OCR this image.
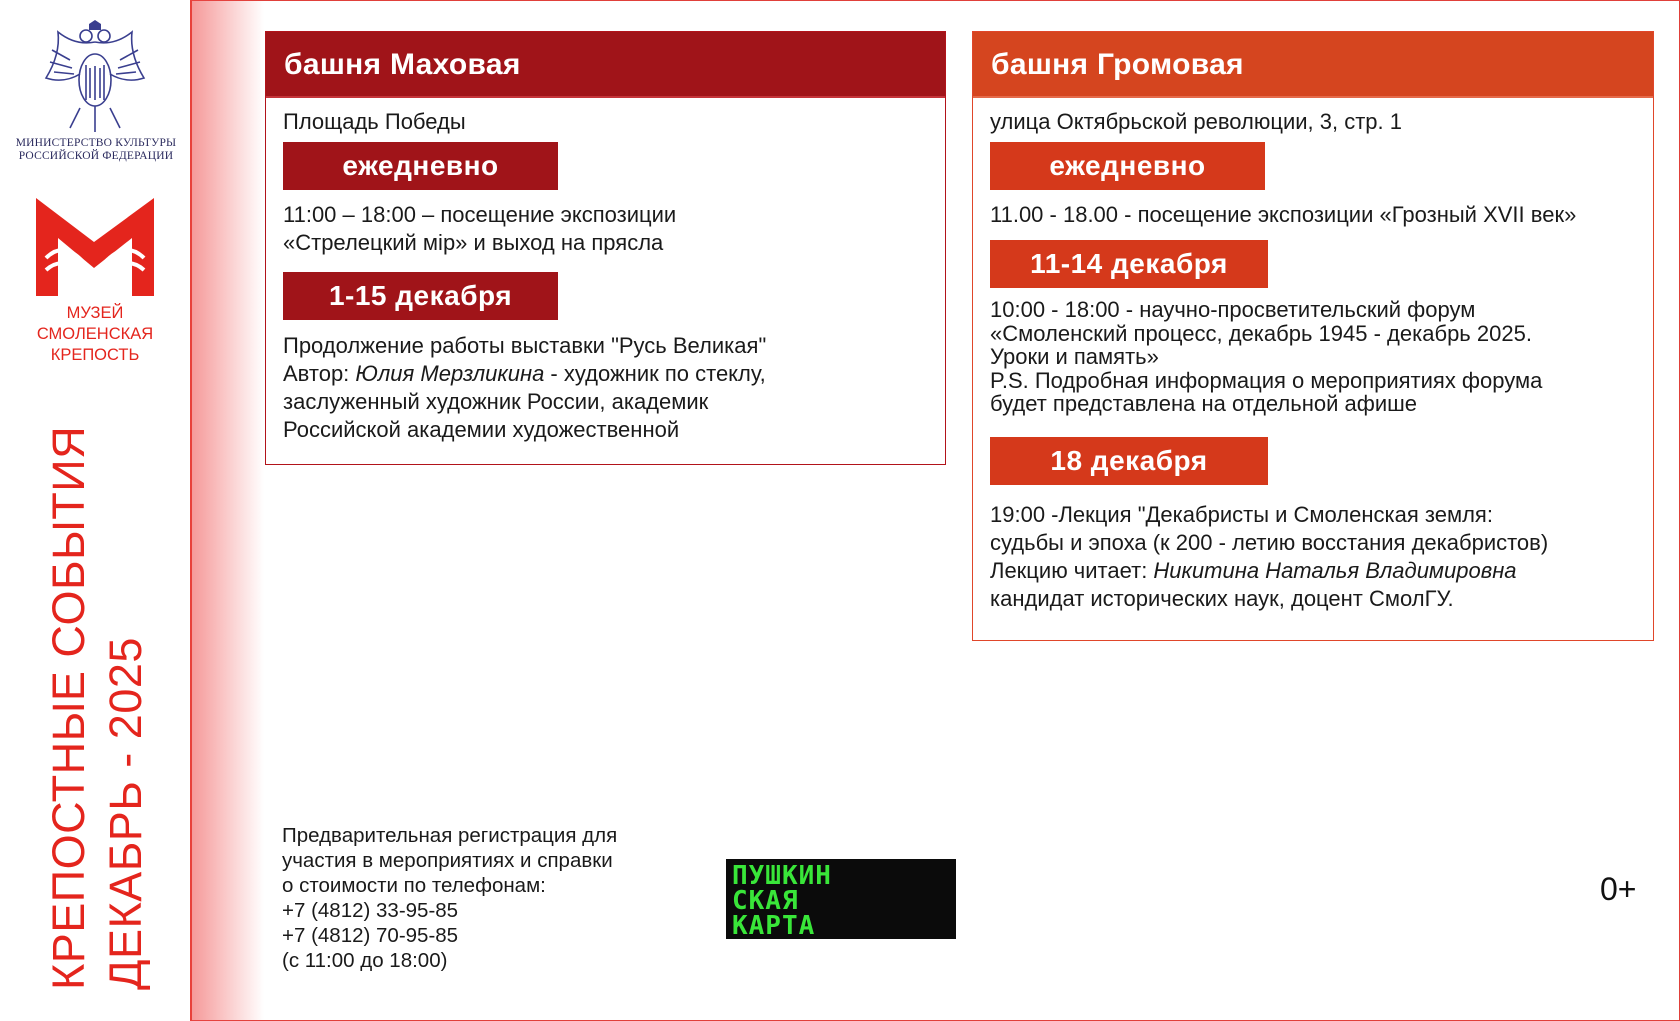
МИНИСТЕРСТВО КУЛЬТУРЫ РОССИЙСКОЙ ФЕДЕРАЦИИ
МУЗЕЙ
СМОЛЕНСКАЯ
КРЕПОСТЬ
КРЕПОСТНЫЕ СОБЫТИЯ ДЕКАБРЬ - 2025
башня Маховая
Площадь Победы
ежедневно
11:00 – 18:00 – посещение экспозиции
«Стрелецкий мiр» и выход на прясла
1-15 декабря
Продолжение работы выставки "Русь Великая"
Автор: Юлия Мерзликина - художник по стеклу,
заслуженный художник России, академик
Российской академии художественной
башня Громовая
улица Октябрьской революции, 3, стр. 1
ежедневно
11.00 - 18.00 - посещение экспозиции «Грозный XVII век»
11-14 декабря
10:00 - 18:00 - научно-просветительский форум
«Смоленский процесс, декабрь 1945 - декабрь 2025.
Уроки и память»
P.S. Подробная информация о мероприятиях форума
будет представлена на отдельной афише
18 декабря
19:00 -Лекция "Декабристы и Смоленская земля:
судьбы и эпоха (к 200 - летию восстания декабристов)
Лекцию читает: Никитина Наталья Владимировна
кандидат исторических наук, доцент СмолГУ.
Предварительная регистрация для
участия в мероприятиях и справки
о стоимости по телефонам:
+7 (4812) 33-95-85
+7 (4812) 70-95-85
(с 11:00 до 18:00)
ПУШКИН
СКАЯ
КАРТА
0+
